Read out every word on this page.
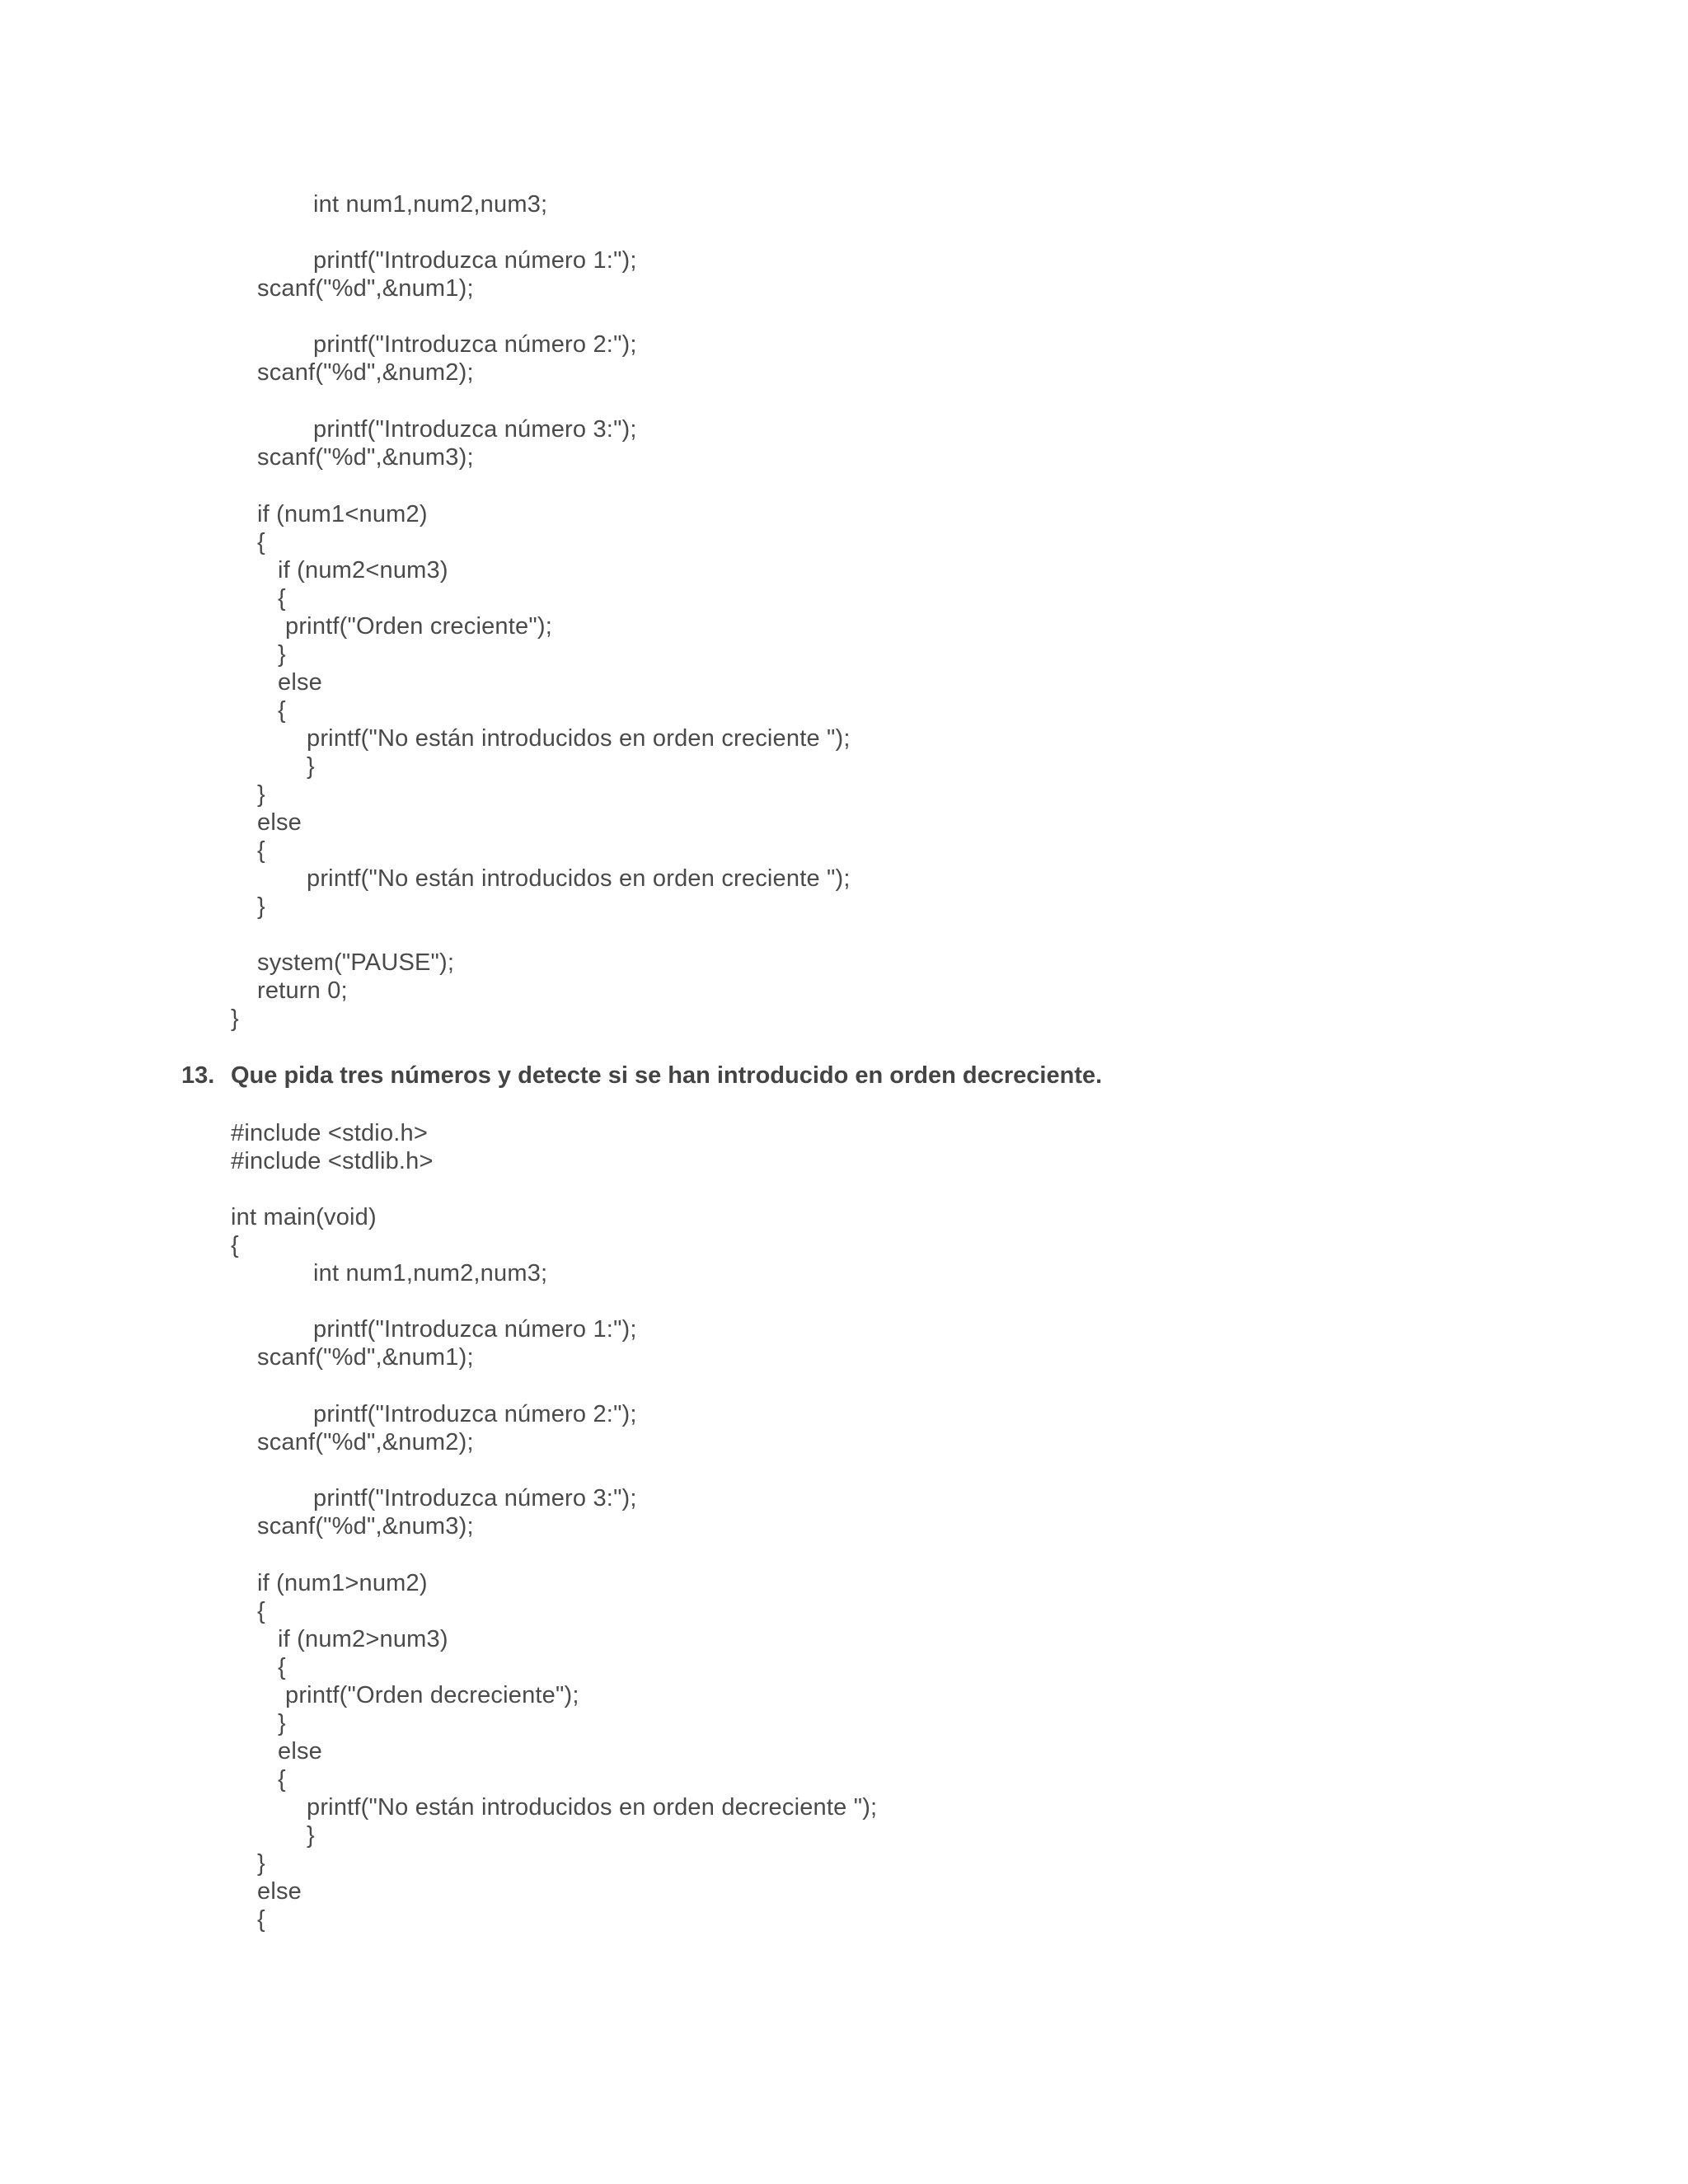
int num1,num2,num3;
printf("Introduzca número 1:");
scanf("%d",&num1);
printf("Introduzca número 2:");
scanf("%d",&num2);
printf("Introduzca número 3:");
scanf("%d",&num3);
if (num1<num2)
{
if (num2<num3)
{
printf("Orden creciente");
}
else
{
printf("No están introducidos en orden creciente ");
}
}
else
{
printf("No están introducidos en orden creciente ");
}
system("PAUSE");
return 0;
}
13. Que pida tres números y detecte si se han introducido en orden decreciente.
#include <stdio.h>
#include <stdlib.h>
int main(void)
{
int num1,num2,num3;
printf("Introduzca número 1:");
scanf("%d",&num1);
printf("Introduzca número 2:");
scanf("%d",&num2);
printf("Introduzca número 3:");
scanf("%d",&num3);
if (num1>num2)
{
if (num2>num3)
{
printf("Orden decreciente");
}
else
{
printf("No están introducidos en orden decreciente ");
}
}
else
{
